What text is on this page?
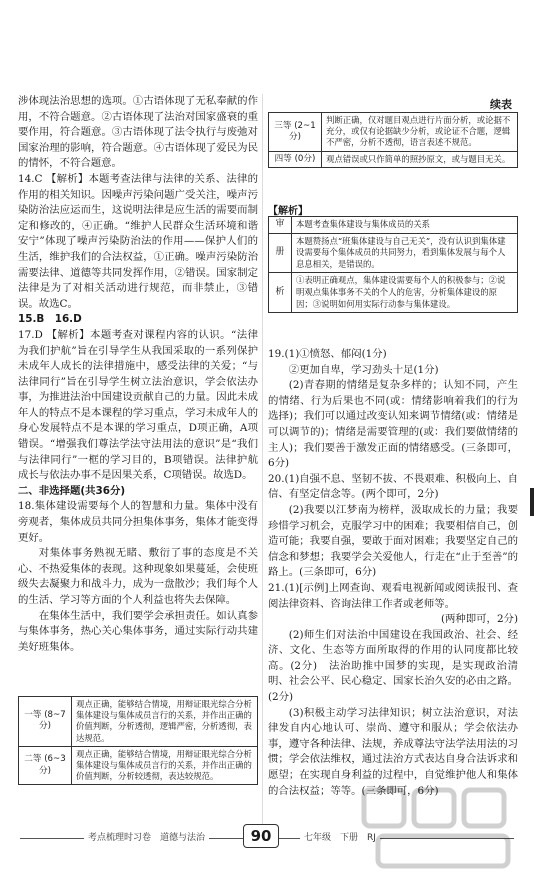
涉体现法治思想的选项。①古语体现了无私奉献的作用，不符合题意。②古语体现了法治对国家盛衰的重要作用，符合题意。③古语体现了法令执行与废弛对国家治理的影响，符合题意。④古语体现了爱民为民的情怀，不符合题意。

14.C 【解析】本题考查法律与法律的关系、法律的作用的相关知识。因噪声污染问题广受关注，噪声污染防治法应运而生，这说明法律是应生活的需要而制定和修改的，④正确。“维护人民群众生活环境和谐安宁”体现了噪声污染防治法的作用——保护人们的生活，维护我们的合法权益，①正确。噪声污染防治需要法律、道德等共同发挥作用，②错误。国家制定法律是为了对相关活动进行规范，而非禁止，③错误。故选C。

15.B　16.D

17.D 【解析】本题考查对课程内容的认识。“法律为我们护航”旨在引导学生从我国采取的一系列保护未成年人成长的法律措施中，感受法律的关爱；“与法律同行”旨在引导学生树立法治意识，学会依法办事，为推进法治中国建设贡献自己的力量。因此未成年人的特点不是本课程的学习重点，学习未成年人的身心发展特点不是本课的学习重点，D项正确，A项错误。“增强我们尊法学法守法用法的意识”是“我们与法律同行”一框的学习目的，B项错误。法律护航成长与依法办事不是因果关系，C项错误。故选D。

二、非选择题(共36分)

18.集体建设需要每个人的智慧和力量。集体中没有旁观者，集体成员共同分担集体事务，集体才能变得更好。

对集体事务熟视无睹、敷衍了事的态度是不关心、不热爱集体的表现。这种现象如果蔓延，会使班级失去凝聚力和战斗力，成为一盘散沙；我们每个人的生活、学习等方面的个人利益也将失去保障。

在集体生活中，我们要学会承担责任。如认真参与集体事务，热心关心集体事务，通过实际行动共建美好班集体。

一等 (8~7分)	观点正确，能够结合情境，用辩证眼光综合分析集体建设与集体成员言行的关系，并作出正确的价值判断，分析透彻，逻辑严密，分析透彻，表达规范。
二等 (6~3分)	观点正确，能够结合情境，用辩证眼光综合分析集体建设与集体成员言行的关系，并作出正确的价值判断，分析较透彻，表达较规范。
续表
三等 (2~1分)	判断正确，仅对题目观点进行片面分析，或论据不充分，或仅有论据缺少分析，或论证不合题，逻辑不严密，分析不透彻，语言表述不规范。
四等 (0分)	观点错误或只作简单的照抄原文，或与题目无关。
【解析】
审	本题考查集体建设与集体成员的关系
册	本题赞扬点“班集体建设与自己无关”，没有认识到集体建设需要每个集体成员的共同努力，看到集体发展与每个人息息相关，是错误的。
析	①表明正确观点，集体建设需要每个人的积极参与；②说明观点集体事务不关的个人的危害，分析集体建设的原因；③说明如何用实际行动参与集体建设。

19.(1)①愤怒、郁闷(1分)

②更加自卑，学习劲头十足(1分)

(2)青春期的情绪是复杂多样的；认知不同，产生的情绪、行为后果也不同(或：情绪影响着我们的行为选择)；我们可以通过改变认知来调节情绪(或：情绪是可以调节的)；情绪是需要管理的(或：我们要做情绪的主人)；我们要善于激发正面的情绪感受。(三条即可，6分)

20.(1)自强不息、坚韧不拔、不畏艰难、积极向上、自信、有坚定信念等。(两个即可，2分)

(2)我要以江梦南为榜样，汲取成长的力量；我要珍惜学习机会，克服学习中的困难；我要相信自己，创造可能；我要自强，要敢于面对困难；我要坚定自己的信念和梦想；我要学会关爱他人，行走在“止于至善”的路上。(三条即可，6分)

21.(1)[示例]上网查询、观看电视新闻或阅读报刊、查阅法律资料、咨询法律工作者或老师等。

(两种即可，2分)

(2)师生们对法治中国建设在我国政治、社会、经济、文化、生态等方面所取得的作用的认同度都比较高。(2分)　法治助推中国梦的实现，是实现政治清明、社会公平、民心稳定、国家长治久安的必由之路。(2分)

(3)积极主动学习法律知识；树立法治意识，对法律发自内心地认可、崇尚、遵守和服从；学会依法办事，遵守各种法律、法规，养成尊法守法学法用法的习惯；学会依法维权，通过法治方式表达自身合法诉求和愿望；在实现自身利益的过程中，自觉维护他人和集体的合法权益；等等。(三条即可，6分)

考点梳理时习卷　道德与法治	90	七年级　下册　RJ
